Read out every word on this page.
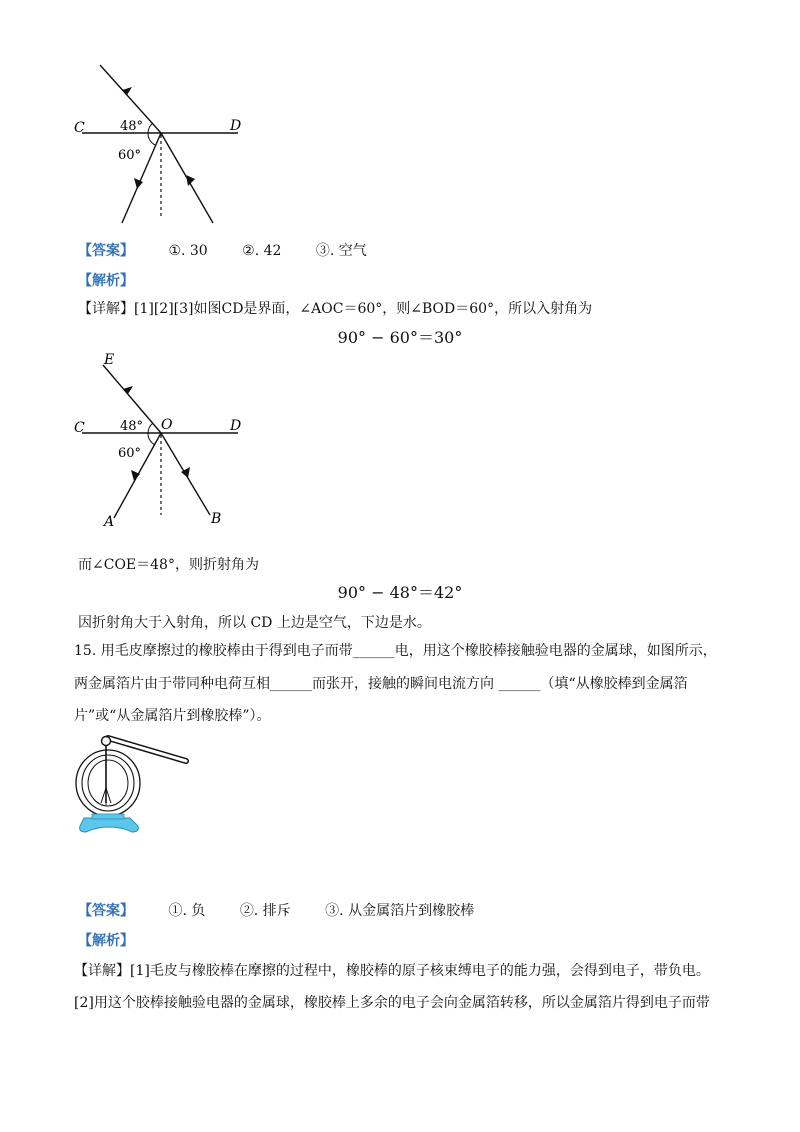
C	D
48°
60°
【答案】 ①. 30 ②. 42 ③. 空气
【解析】
【详解】[1][2][3]如图CD是界面，∠AOC＝60°，则∠BOD＝60°，所以入射角为
90° − 60°＝30°
E
O
C	D
A	B
48°
60°
而∠COE＝48°，则折射角为
90° − 48°＝42°
因折射角大于入射角，所以 CD 上边是空气，下边是水。
15. 用毛皮摩擦过的橡胶棒由于得到电子而带______电，用这个橡胶棒接触验电器的金属球，如图所示，
两金属箔片由于带同种电荷互相______而张开，接触的瞬间电流方向 ______（填“从橡胶棒到金属箔
片”或“从金属箔片到橡胶棒”）。
【答案】 ①. 负 ②. 排斥 ③. 从金属箔片到橡胶棒
【解析】
【详解】[1]毛皮与橡胶棒在摩擦的过程中，橡胶棒的原子核束缚电子的能力强，会得到电子，带负电。
[2]用这个胶棒接触验电器的金属球，橡胶棒上多余的电子会向金属箔转移，所以金属箔片得到电子而带
